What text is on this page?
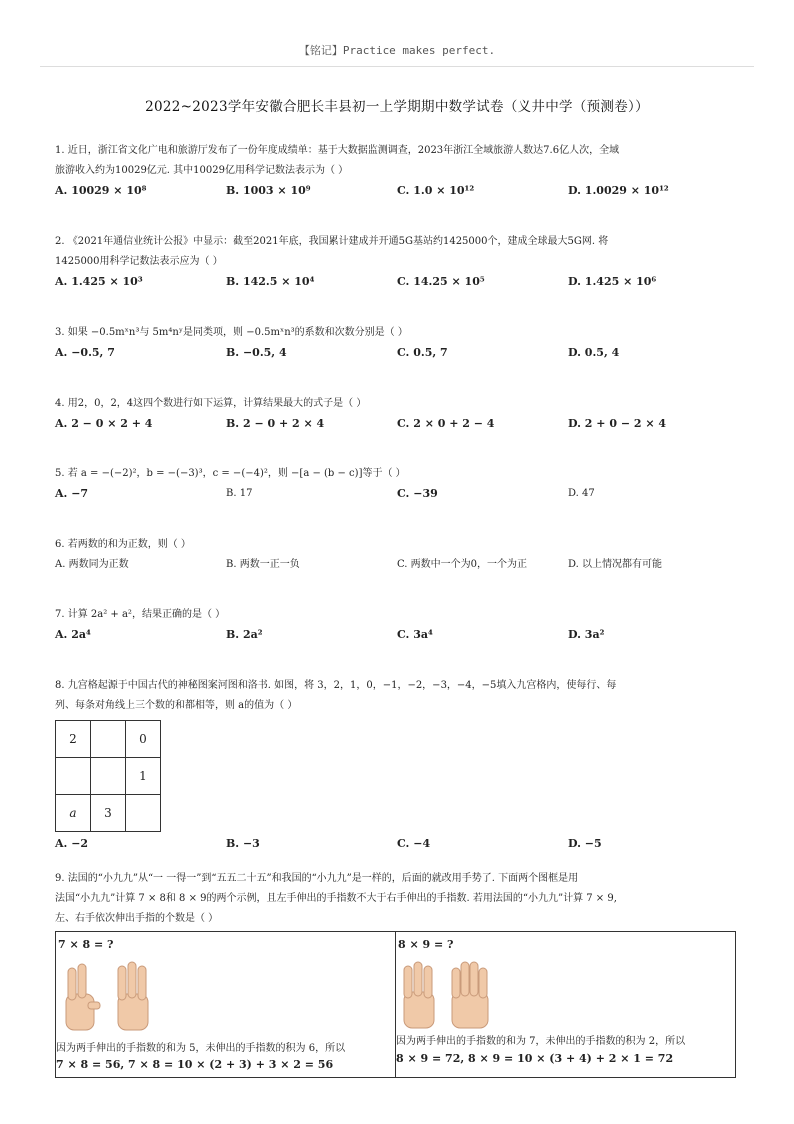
【铭记】Practice makes perfect.
2022~2023学年安徽合肥长丰县初一上学期期中数学试卷（义井中学（预测卷））
1. 近日，浙江省文化广电和旅游厅发布了一份年度成绩单：基于大数据监测调查，2023年浙江全域旅游人数达7.6亿人次，全域
旅游收入约为10029亿元. 其中10029亿用科学记数法表示为（ ）
A. 10029 × 10⁸	B. 1003 × 10⁹	C. 1.0 × 10¹²	D. 1.0029 × 10¹²
2. 《2021年通信业统计公报》中显示：截至2021年底，我国累计建成并开通5G基站约1425000个，建成全球最大5G网. 将
1425000用科学记数法表示应为（ ）
A. 1.425 × 10³	B. 142.5 × 10⁴	C. 14.25 × 10⁵	D. 1.425 × 10⁶
3. 如果 −0.5mˣn³与 5m⁴nʸ是同类项，则 −0.5mˣn³的系数和次数分别是（ ）
A. −0.5, 7	B. −0.5, 4	C. 0.5, 7	D. 0.5, 4
4. 用2，0，2，4这四个数进行如下运算，计算结果最大的式子是（ ）
A. 2 − 0 × 2 + 4	B. 2 − 0 + 2 × 4	C. 2 × 0 + 2 − 4	D. 2 + 0 − 2 × 4
5. 若 a = −(−2)²，b = −(−3)³，c = −(−4)²，则 −[a − (b − c)]等于（ ）
A. −7	B. 17	C. −39	D. 47
6. 若两数的和为正数，则（ ）
A. 两数同为正数	B. 两数一正一负	C. 两数中一个为0，一个为正	D. 以上情况都有可能
7. 计算 2a² + a²，结果正确的是（ ）
A. 2a⁴	B. 2a²	C. 3a⁴	D. 3a²
8. 九宫格起源于中国古代的神秘图案河图和洛书. 如图，将 3，2，1，0，−1，−2，−3，−4，−5填入九宫格内，使每行、每
列、每条对角线上三个数的和都相等，则 a的值为（ ）
2		0
		1
a	3	
A. −2	B. −3	C. −4	D. −5
9. 法国的“小九九”从“一 一得一”到“五五二十五”和我国的“小九九”是一样的，后面的就改用手势了. 下面两个图框是用
法国“小九九”计算 7 × 8和 8 × 9的两个示例，且左手伸出的手指数不大于右手伸出的手指数. 若用法国的“小九九”计算 7 × 9,
左、右手依次伸出手指的个数是（ ）
7 × 8 = ?
因为两手伸出的手指数的和为 5，未伸出的手指数的积为 6，所以
7 × 8 = 56, 7 × 8 = 10 × (2 + 3) + 3 × 2 = 56
8 × 9 = ?
因为两手伸出的手指数的和为 7，未伸出的手指数的积为 2，所以
8 × 9 = 72, 8 × 9 = 10 × (3 + 4) + 2 × 1 = 72
